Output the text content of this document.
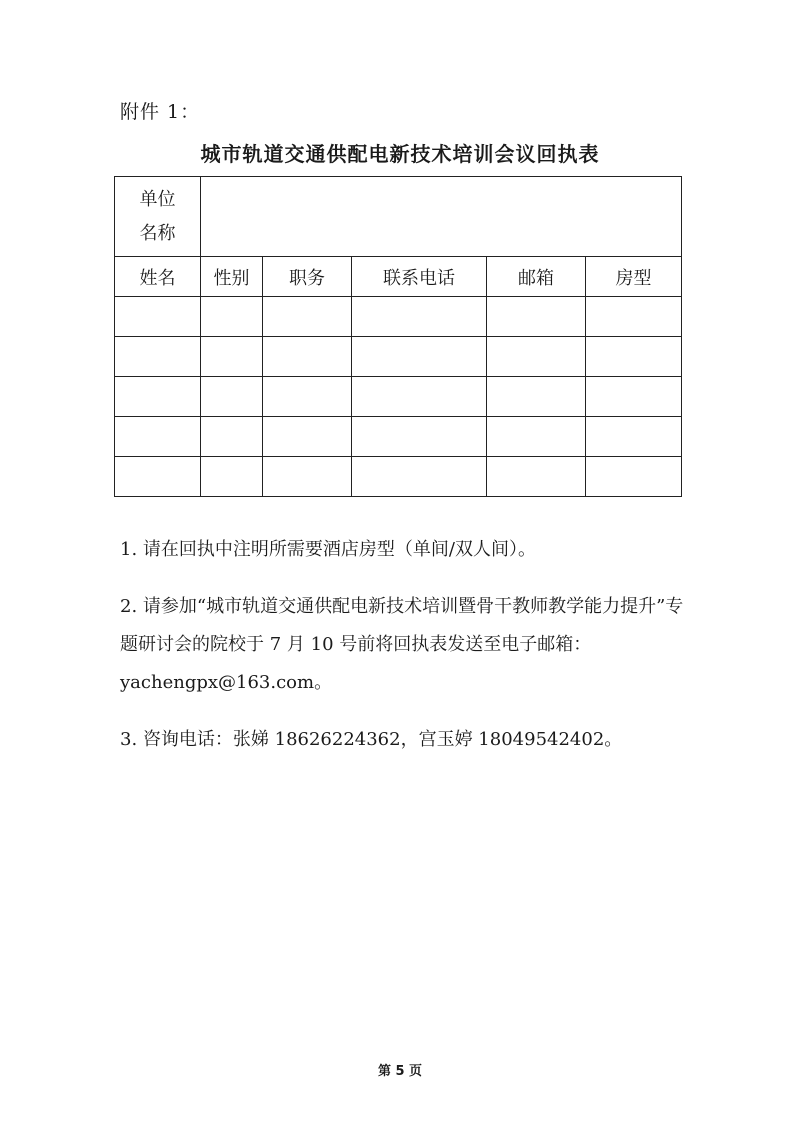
附件 1：
城市轨道交通供配电新技术培训会议回执表
单位
名称					

姓名	性别	职务	联系电话	邮箱	房型

1. 请在回执中注明所需要酒店房型（单间/双人间）。

2. 请参加“城市轨道交通供配电新技术培训暨骨干教师教学能力提升”专题研讨会的院校于 7 月 10 号前将回执表发送至电子邮箱：yachengpx@163.com。

3. 咨询电话：张娣 18626224362，宫玉婷 18049542402。

第 5 页
